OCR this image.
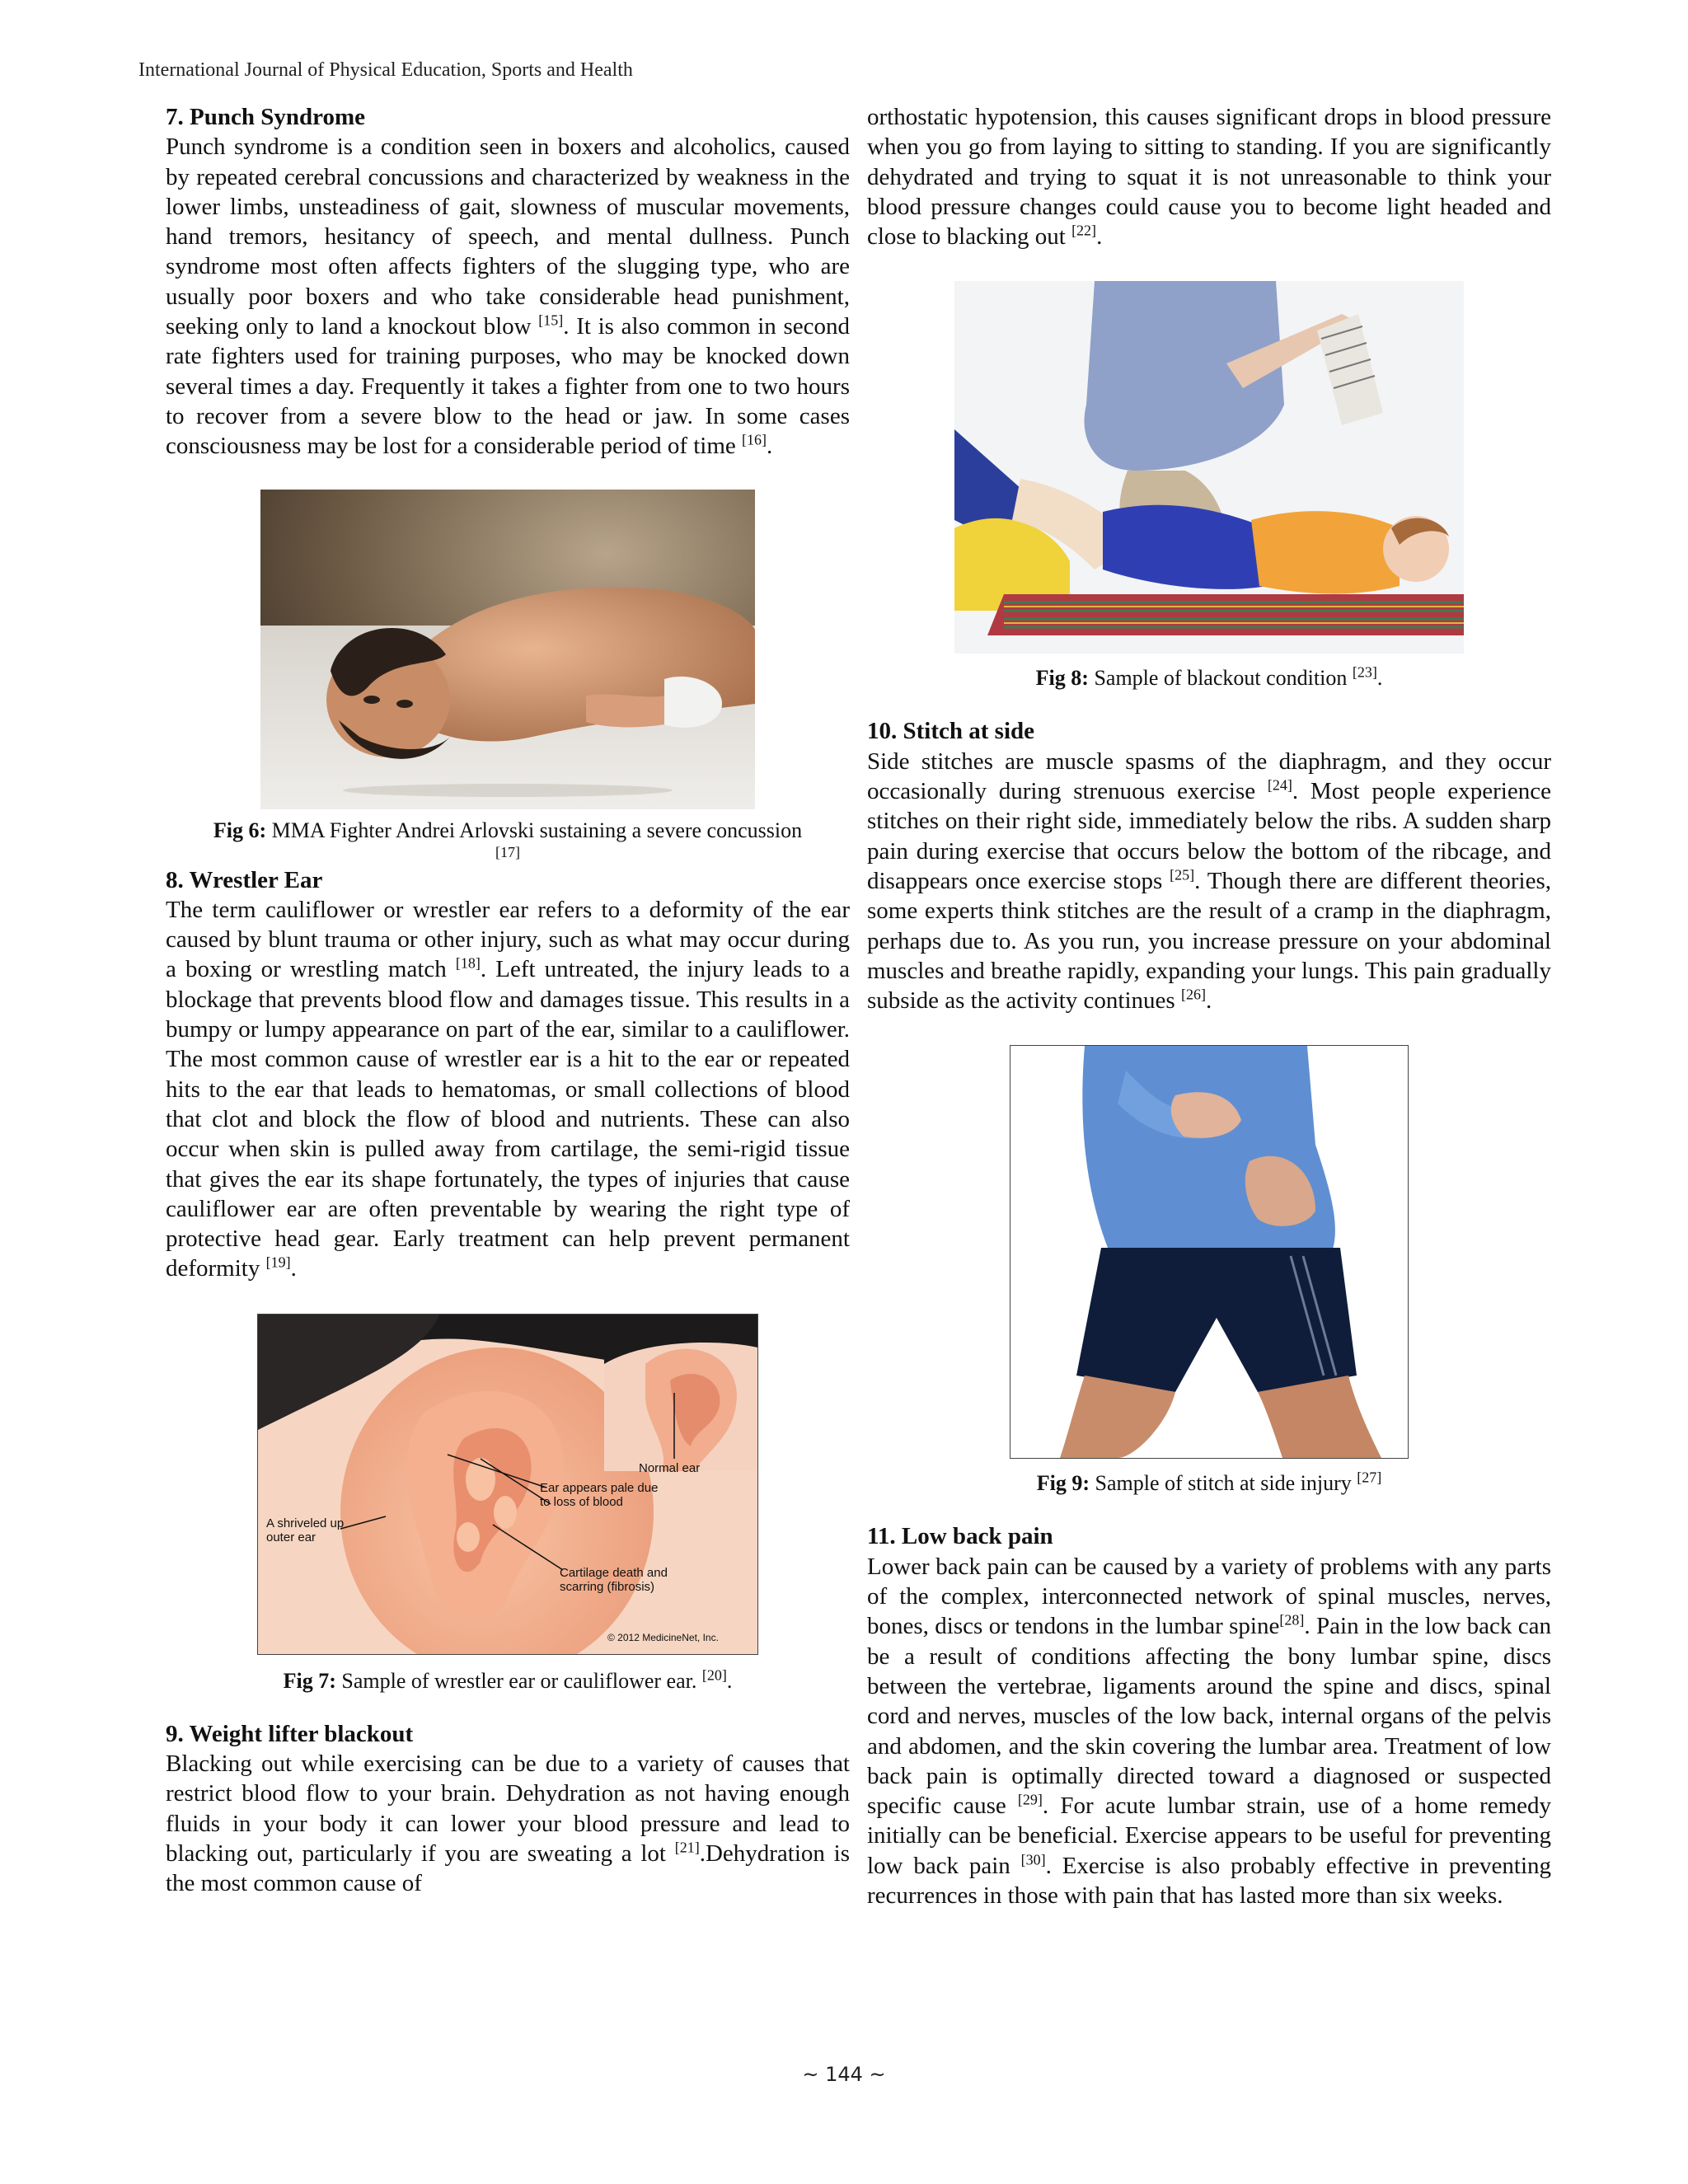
International Journal of Physical Education, Sports and Health
7. Punch Syndrome

Punch syndrome is a condition seen in boxers and alcoholics, caused by repeated cerebral concussions and characterized by weakness in the lower limbs, unsteadiness of gait, slowness of muscular movements, hand tremors, hesitancy of speech, and mental dullness. Punch syndrome most often affects fighters of the slugging type, who are usually poor boxers and who take considerable head punishment, seeking only to land a knockout blow [15]. It is also common in second rate fighters used for training purposes, who may be knocked down several times a day. Frequently it takes a fighter from one to two hours to recover from a severe blow to the head or jaw. In some cases consciousness may be lost for a considerable period of time [16].

Fig 6: MMA Fighter Andrei Arlovski sustaining a severe concussion
[17]
8. Wrestler Ear

The term cauliflower or wrestler ear refers to a deformity of the ear caused by blunt trauma or other injury, such as what may occur during a boxing or wrestling match [18]. Left untreated, the injury leads to a blockage that prevents blood flow and damages tissue. This results in a bumpy or lumpy appearance on part of the ear, similar to a cauliflower. The most common cause of wrestler ear is a hit to the ear or repeated hits to the ear that leads to hematomas, or small collections of blood that clot and block the flow of blood and nutrients. These can also occur when skin is pulled away from cartilage, the semi-rigid tissue that gives the ear its shape fortunately, the types of injuries that cause cauliflower ear are often preventable by wearing the right type of protective head gear. Early treatment can help prevent permanent deformity [19].

Normal ear
Ear appears pale due to loss of blood
A shriveled up outer ear
Cartilage death and scarring (fibrosis)
© 2012 MedicineNet, Inc.
Fig 7: Sample of wrestler ear or cauliflower ear. [20].
9. Weight lifter blackout

Blacking out while exercising can be due to a variety of causes that restrict blood flow to your brain. Dehydration as not having enough fluids in your body it can lower your blood pressure and lead to blacking out, particularly if you are sweating a lot [21].Dehydration is the most common cause of

orthostatic hypotension, this causes significant drops in blood pressure when you go from laying to sitting to standing. If you are significantly dehydrated and trying to squat it is not unreasonable to think your blood pressure changes could cause you to become light headed and close to blacking out [22].

Fig 8: Sample of blackout condition [23].
10. Stitch at side

Side stitches are muscle spasms of the diaphragm, and they occur occasionally during strenuous exercise [24]. Most people experience stitches on their right side, immediately below the ribs. A sudden sharp pain during exercise that occurs below the bottom of the ribcage, and disappears once exercise stops [25]. Though there are different theories, some experts think stitches are the result of a cramp in the diaphragm, perhaps due to. As you run, you increase pressure on your abdominal muscles and breathe rapidly, expanding your lungs. This pain gradually subside as the activity continues [26].

Fig 9: Sample of stitch at side injury [27]
11. Low back pain

Lower back pain can be caused by a variety of problems with any parts of the complex, interconnected network of spinal muscles, nerves, bones, discs or tendons in the lumbar spine[28]. Pain in the low back can be a result of conditions affecting the bony lumbar spine, discs between the vertebrae, ligaments around the spine and discs, spinal cord and nerves, muscles of the low back, internal organs of the pelvis and abdomen, and the skin covering the lumbar area. Treatment of low back pain is optimally directed toward a diagnosed or suspected specific cause [29]. For acute lumbar strain, use of a home remedy initially can be beneficial. Exercise appears to be useful for preventing low back pain [30]. Exercise is also probably effective in preventing recurrences in those with pain that has lasted more than six weeks.

~ 144 ~
